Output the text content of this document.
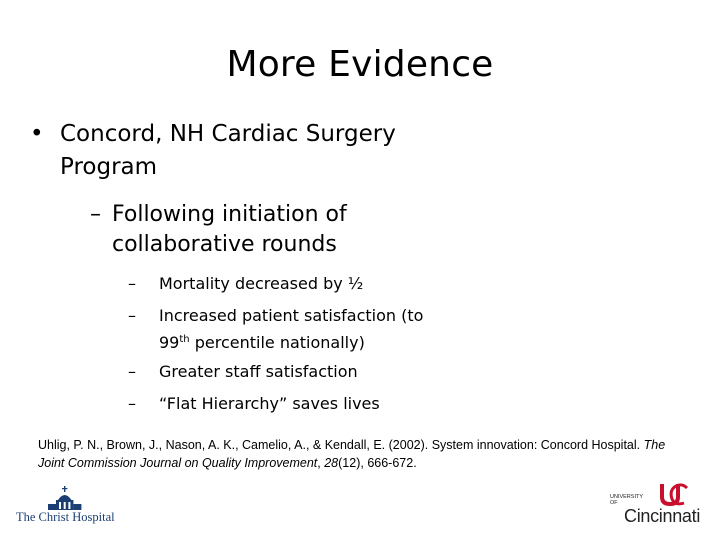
More Evidence
• Concord, NH Cardiac Surgery Program
– Following initiation of collaborative rounds
– Mortality decreased by ½
– Increased patient satisfaction (to 99th percentile nationally)
– Greater staff satisfaction
– “Flat Hierarchy” saves lives
Uhlig, P. N., Brown, J., Nason, A. K., Camelio, A., & Kendall, E. (2002). System innovation: Concord Hospital. The Joint Commission Journal on Quality Improvement, 28(12), 666-672.
The Christ Hospital
UNIVERSITY OF
Cincinnati
